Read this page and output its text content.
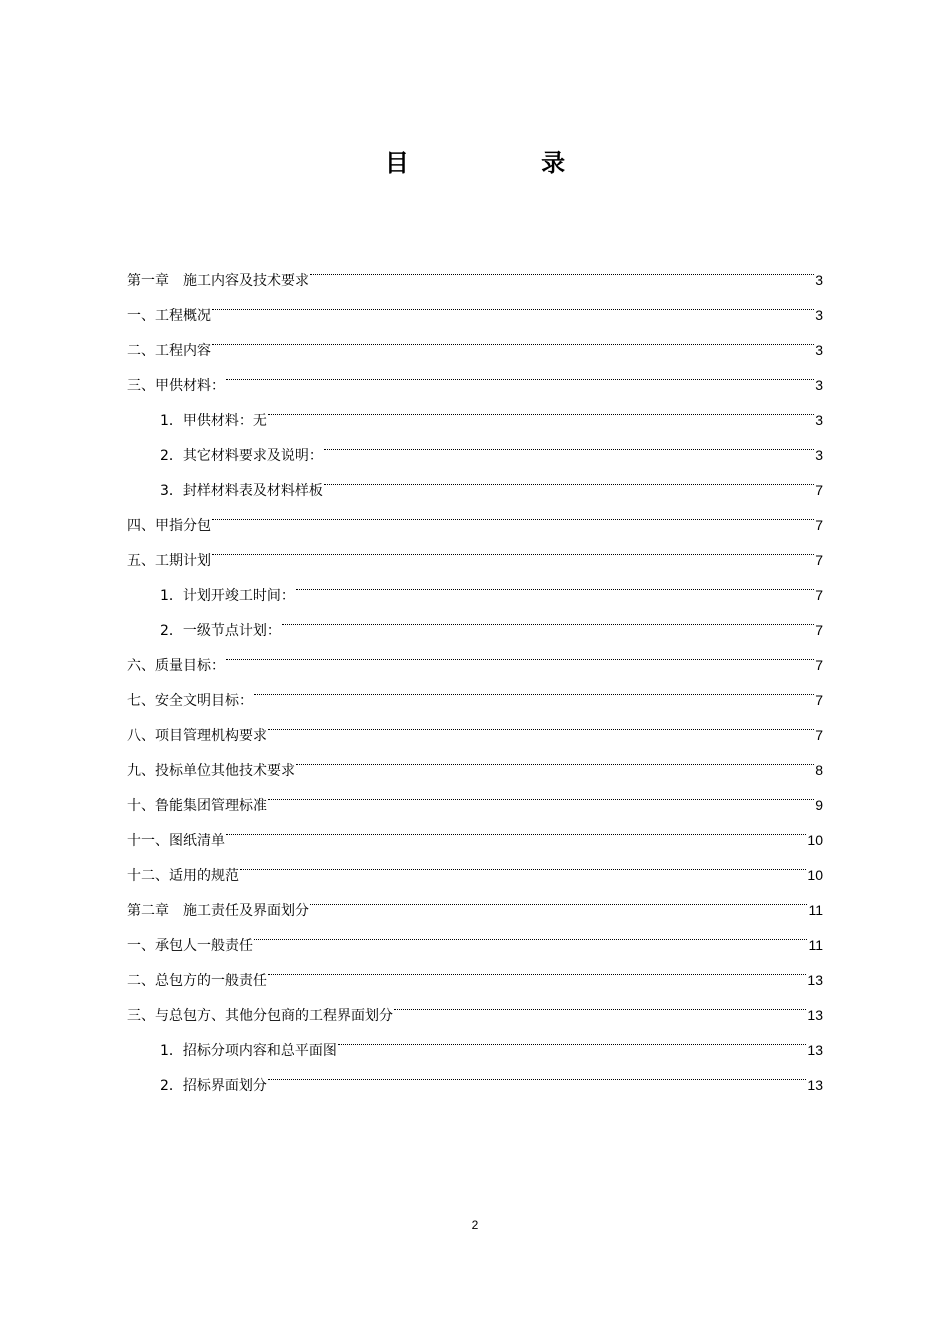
目 录
第一章　施工内容及技术要求	3
一、工程概况	3
二、工程内容	3
三、甲供材料：	3
1．甲供材料：无	3
2．其它材料要求及说明：	3
3．封样材料表及材料样板	7
四、甲指分包	7
五、工期计划	7
1．计划开竣工时间：	7
2．一级节点计划：	7
六、质量目标：	7
七、安全文明目标：	7
八、项目管理机构要求	7
九、投标单位其他技术要求	8
十、鲁能集团管理标准	9
十一、图纸清单	10
十二、适用的规范	10
第二章　施工责任及界面划分	11
一、承包人一般责任	11
二、总包方的一般责任	13
三、与总包方、其他分包商的工程界面划分	13
1．招标分项内容和总平面图	13
2．招标界面划分	13
2
